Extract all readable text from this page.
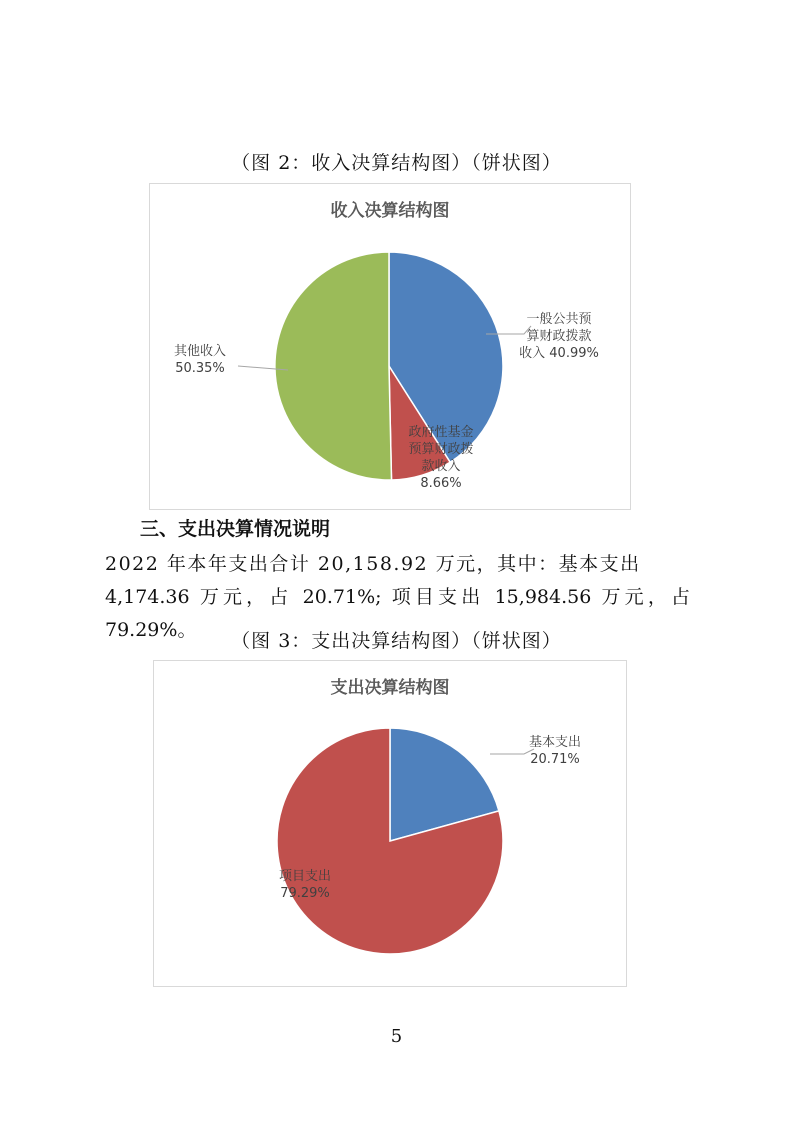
（图 2：收入决算结构图）（饼状图）
收入决算结构图
一般公共预算财政拨款收入 40.99%
政府性基金预算财政拨款收入 8.66%
其他收入 50.35%
三、支出决算情况说明
2022 年本年支出合计 20,158.92 万元，其中：基本支出
4,174.36 万元，占 20.71%; 项目支出 15,984.56 万元，占 79.29%。	（图 3：支出决算结构图）（饼状图）
支出决算结构图
基本支出 20.71%
项目支出 79.29%
5
